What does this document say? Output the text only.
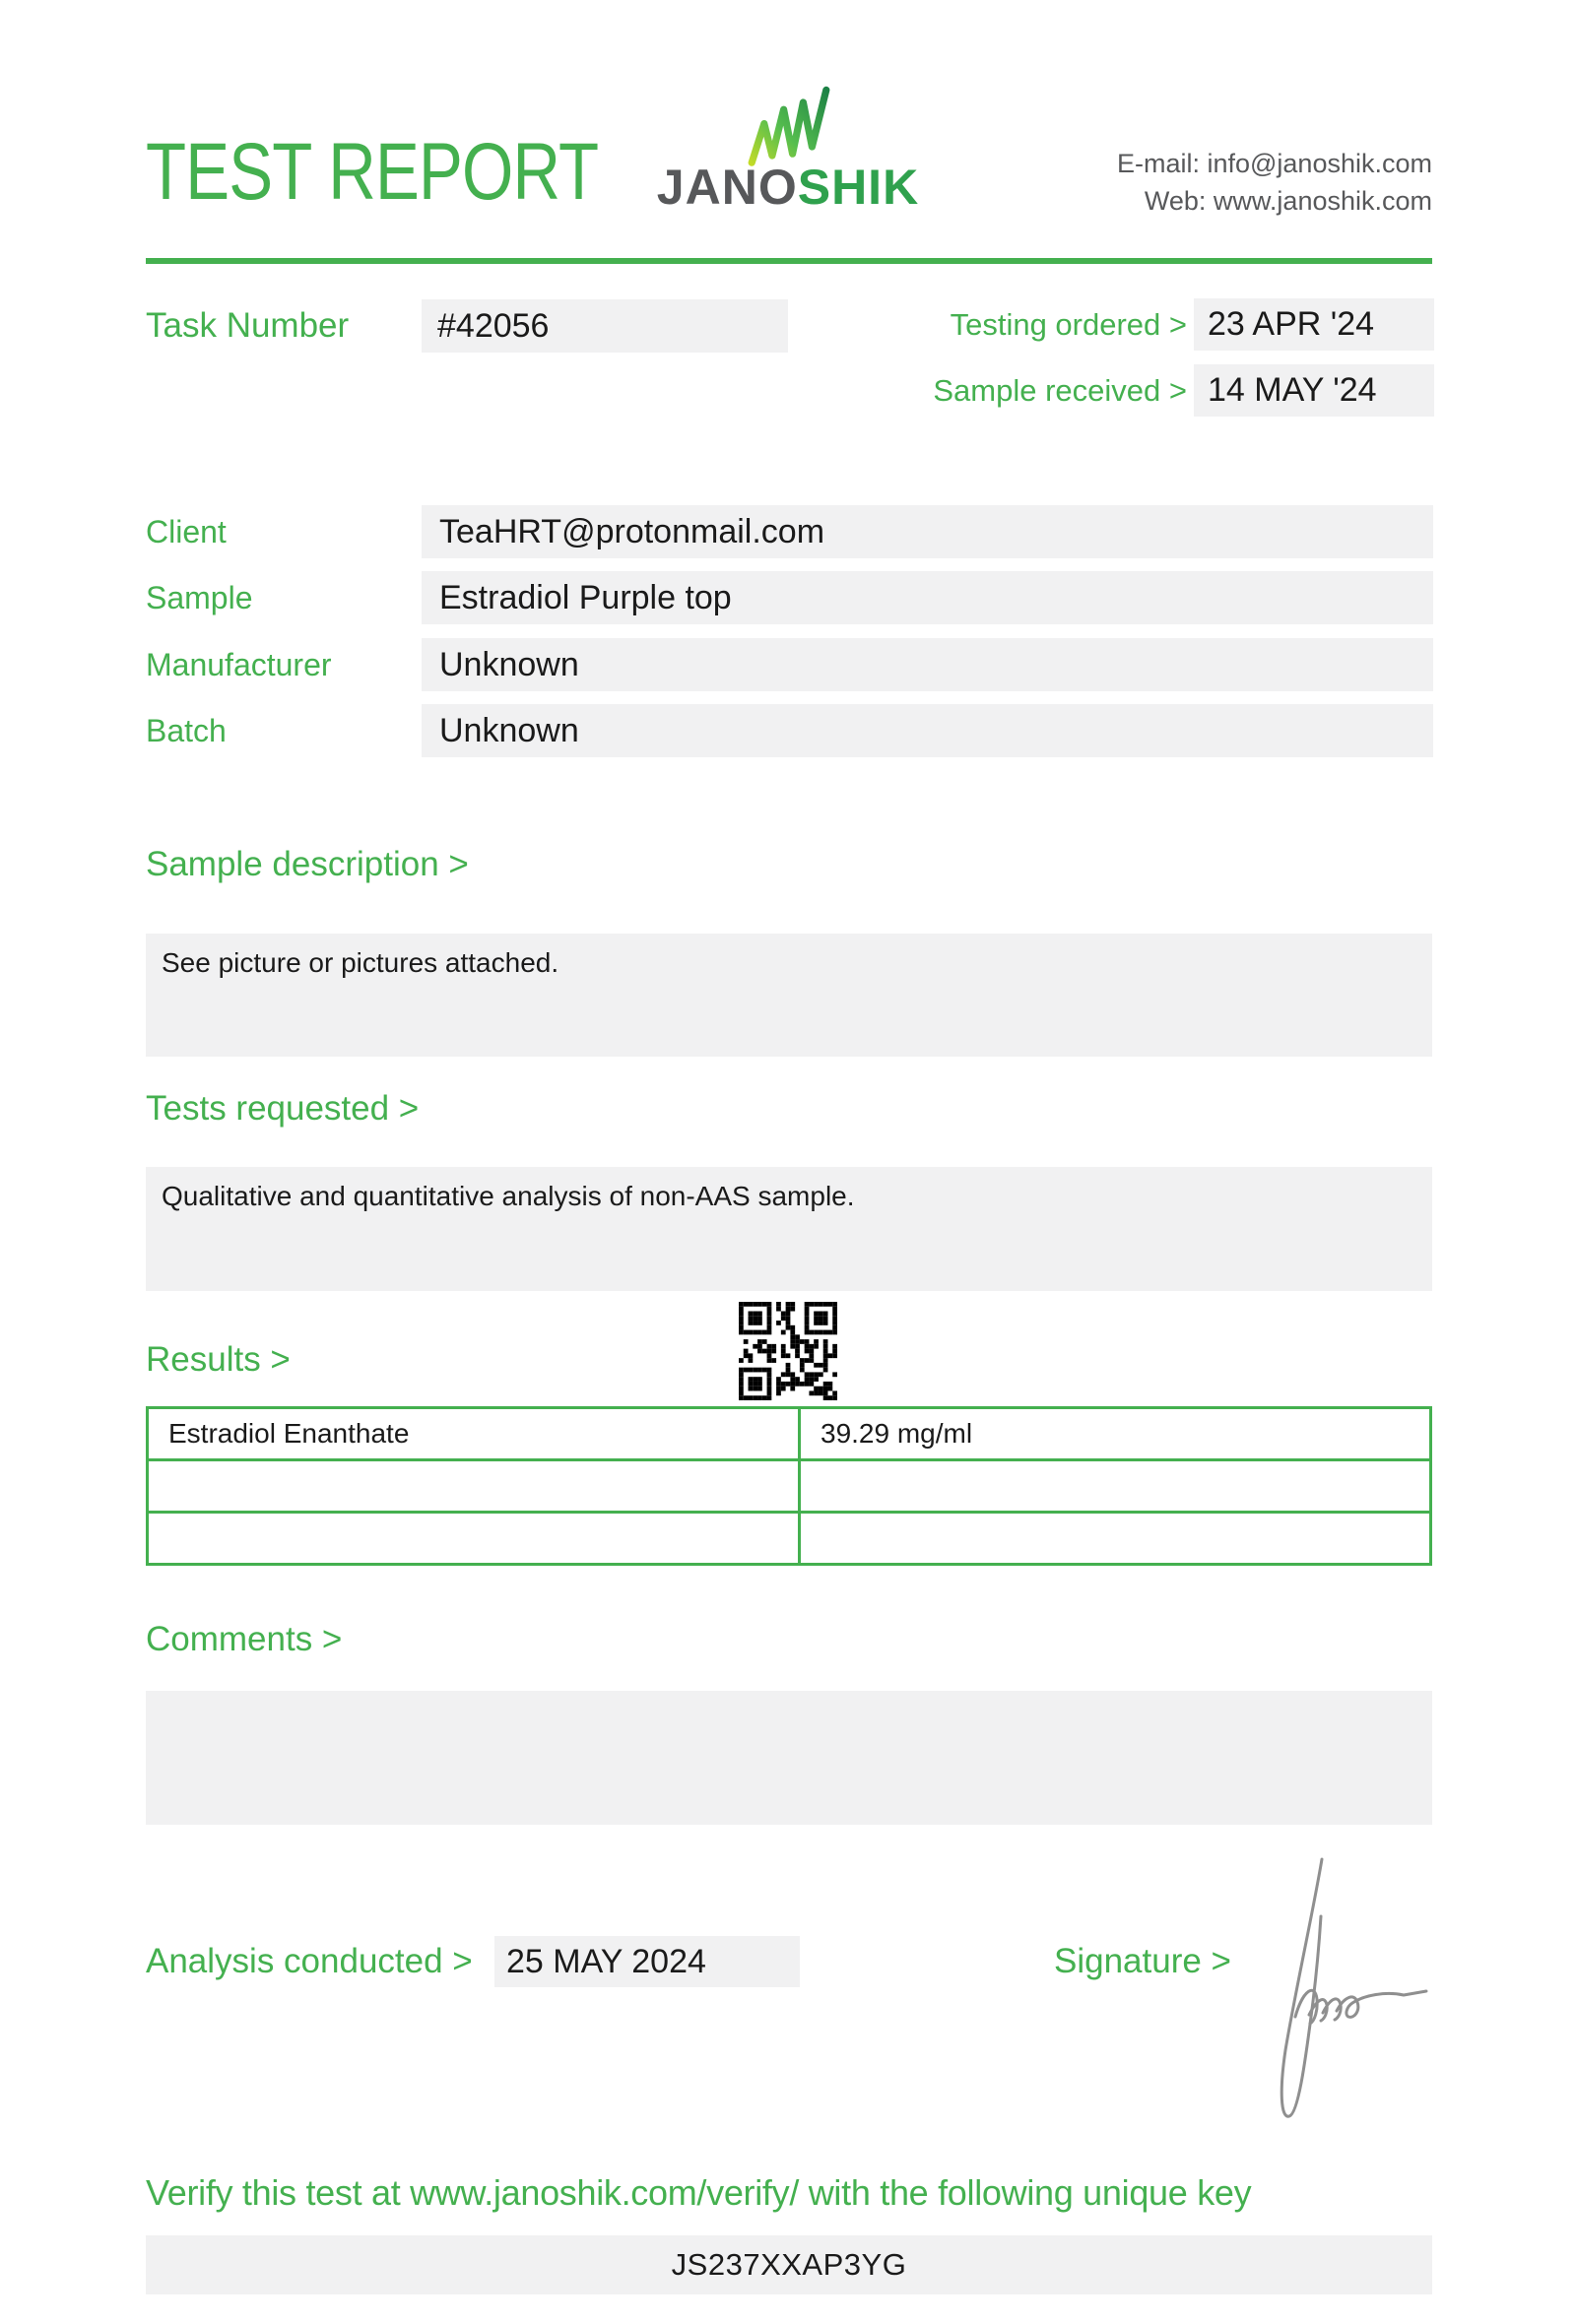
TEST REPORT	JANOSHIK	E-mail: info@janoshik.com
Web: www.janoshik.com
Task Number	#42056	Testing ordered > 23 APR '24
Sample received > 14 MAY '24
Client	TeaHRT@protonmail.com
Sample	Estradiol Purple top
Manufacturer	Unknown
Batch	Unknown
Sample description >
See picture or pictures attached.
Tests requested >
Qualitative and quantitative analysis of non-AAS sample.
Results >
Estradiol Enanthate	39.29 mg/ml

Comments >
Analysis conducted >	25 MAY 2024	Signature >
Verify this test at www.janoshik.com/verify/ with the following unique key
JS237XXAP3YG
